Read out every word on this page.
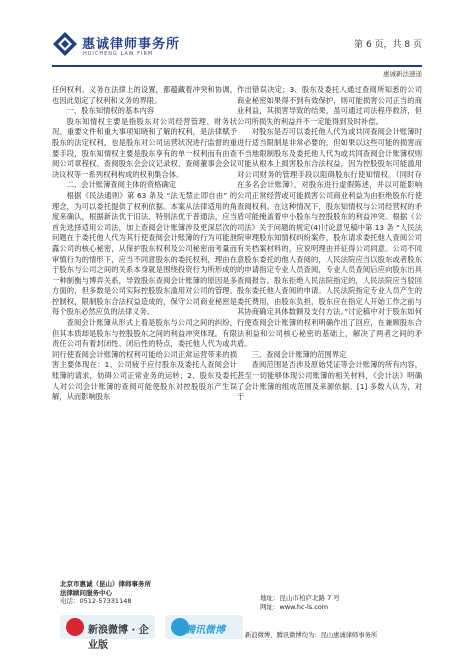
惠诚律师事务所
HUICHENG LAW FIRM
第 6 页，共 8 页
惠诚新法速递

任何权利、义务在法律上的设置，都蕴藏着冲突和协调，也因此划定了权利和义务的界限。

一、股东知情权的基本内容

股东知情权主要是指股东对公司经营管理、财务状况、重要文件和重大事项知晓和了解的权利，是法律赋予股东的法定权利，也是股东对公司运营状况进行监督的重要手段，股东知情权主要是股东享有的单一权利而有由查阅公司章程权、查阅股东会会议记录权、查阅董事会会议决议权等一系列权利构成的权利集合体。

二、会计账簿查阅主体的资格确定

根据《民法通则》第 63 条及 “法无禁止即自由” 的理念，为可以委托提供了权利依据。本案从法律适用的角度来确认，根据新法优于旧法、特别法优于普通法，应当首先选择适用公司法，加上查阅会计账簿涉及更深层次的问题在于委托他人代为其行使查阅会计账簿的行为可能泄露公司的核心秘密，从保护股东权利及公司秘密而考量而审慎行为的情形下，应当不同意股东的委托权利，理由在于股东与公司之间的关系本身就是围绕投资行为所形成的一种制衡与博弈关系，导致股东查阅会计账簿的原因是多方面的，但多数是公司实际控股股东滥用对公司的管理、控制权，限制股东合法权益造成的，保守公司商业秘密是每个股东必然应负的法律义务。

查阅会计账簿从形式上看是股东与公司之间的纠纷，但其本质却是股东与控股股东之间的利益冲突体现。有限责任公司有着封闭性、闭后性的特点，委托他人代为或共同行使查阅会计账簿的权利可能给公司正常运营带来的损害主要体现在：1、公司疲于应付股东及委托人查阅会计账簿的请求，妨碍公司正常业务的运转；2、股东及委托人对公司会计账簿的查阅可能使股东对控股股东产生误解，从而影响股东

作出错误决定；3、股东及委托人通过查阅所知悉的公司商业秘密如果得不到有效保护，则可能损害公司正当的商业利益，其损害导致的结果，虽可通过司法程序救济，但公司所损失的利益并不一定能得到及时补偿。

对股东是否可以委托他人代为或共同查阅会计账簿时进行适当限制是非常必要的，但如果以这些可能的损害而不当地限制股东及委托他人代为或共同查阅会计账簿权则可能从根本上损害股东合法权益，因为控股股东可能滥用对公司财务的管理手段以阻碍股东行使知情权。（同时存在多名会计账簿），对股东进行虚假陈述，并以可能影响公司正常经营或可能损害公司商业利益为由拒绝股东行使查阅权利。在这种情况下，股东知情权与公司经营权的矛盾可能掩盖着中小股东与控股股东的利益冲突。根据《公司法》关于问题的规定(4)讨论意见稿中第 13 条 “人民法院审理股东知情权纠纷案件，股东请求委托他人查阅公司有关档案材料的，应说明理由并征得公司同意。公司不同意股东委托的他人查阅的，人民法院应当以股东或者股东的申请指定专业人员查阅，专业人员查阅后应向股东出具查阅报告。股东拒绝人民法院指定的，人民法院应当驳回股东委托他人查阅的申请。人民法院指定专业人员产生的委托费用，由股东负担，股东应在指定人开始工作之前与其协商确定具体数额及支付方法。”讨论稿中对于股东如何行使查阅会计账簿的权利明确作出了回应，在兼顾股东合法利益和公司核心秘密的基础上，解决了两者之间的矛盾。

三、查阅会计账簿的范围界定

查阅范围是否涉及原始凭证等会计账簿的所有内容，甚至一切能够体现公司账簿的相关材料，《会计法》明确了会计账簿的组成范围及来源依据。[1] 多数人认为，对于

北京市惠诚（昆山）律师事务所
法律顾问服务中心
电话：0512-57331148	地址：昆山市柏庐北路 7 号
网址：www.hc-ls.com
新浪微博 · 企业版
腾讯微博	新浪微博、腾讯微博均为：昆山惠诚律师事务所
